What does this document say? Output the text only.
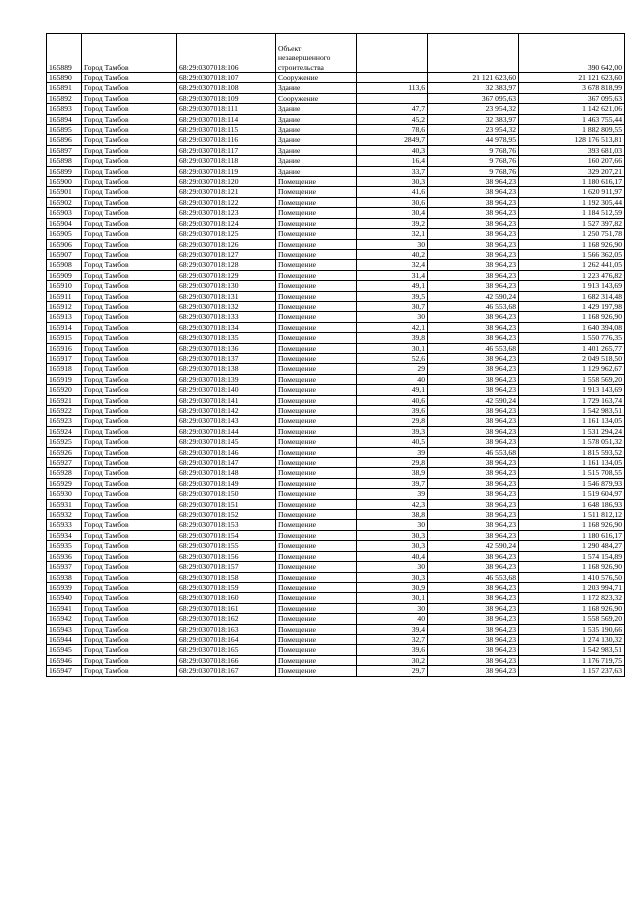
165889	Город Тамбов	68:29:0307018:106	Объект незавершенного строительства			390 642,00
165890	Город Тамбов	68:29:0307018:107	Сооружение		21 121 623,60	21 121 623,60
165891	Город Тамбов	68:29:0307018:108	Здание	113,6	32 383,97	3 678 818,99
165892	Город Тамбов	68:29:0307018:109	Сооружение		367 095,63	367 095,63
165893	Город Тамбов	68:29:0307018:111	Здание	47,7	23 954,32	1 142 621,06
165894	Город Тамбов	68:29:0307018:114	Здание	45,2	32 383,97	1 463 755,44
165895	Город Тамбов	68:29:0307018:115	Здание	78,6	23 954,32	1 882 809,55
165896	Город Тамбов	68:29:0307018:116	Здание	2849,7	44 978,95	128 176 513,81
165897	Город Тамбов	68:29:0307018:117	Здание	40,3	9 768,76	393 681,03
165898	Город Тамбов	68:29:0307018:118	Здание	16,4	9 768,76	160 207,66
165899	Город Тамбов	68:29:0307018:119	Здание	33,7	9 768,76	329 207,21
165900	Город Тамбов	68:29:0307018:120	Помещение	30,3	38 964,23	1 180 616,17
165901	Город Тамбов	68:29:0307018:121	Помещение	41,6	38 964,23	1 620 911,97
165902	Город Тамбов	68:29:0307018:122	Помещение	30,6	38 964,23	1 192 305,44
165903	Город Тамбов	68:29:0307018:123	Помещение	30,4	38 964,23	1 184 512,59
165904	Город Тамбов	68:29:0307018:124	Помещение	39,2	38 964,23	1 527 397,82
165905	Город Тамбов	68:29:0307018:125	Помещение	32,1	38 964,23	1 250 751,78
165906	Город Тамбов	68:29:0307018:126	Помещение	30	38 964,23	1 168 926,90
165907	Город Тамбов	68:29:0307018:127	Помещение	40,2	38 964,23	1 566 362,05
165908	Город Тамбов	68:29:0307018:128	Помещение	32,4	38 964,23	1 262 441,05
165909	Город Тамбов	68:29:0307018:129	Помещение	31,4	38 964,23	1 223 476,82
165910	Город Тамбов	68:29:0307018:130	Помещение	49,1	38 964,23	1 913 143,69
165911	Город Тамбов	68:29:0307018:131	Помещение	39,5	42 590,24	1 682 314,48
165912	Город Тамбов	68:29:0307018:132	Помещение	30,7	46 553,68	1 429 197,98
165913	Город Тамбов	68:29:0307018:133	Помещение	30	38 964,23	1 168 926,90
165914	Город Тамбов	68:29:0307018:134	Помещение	42,1	38 964,23	1 640 394,08
165915	Город Тамбов	68:29:0307018:135	Помещение	39,8	38 964,23	1 550 776,35
165916	Город Тамбов	68:29:0307018:136	Помещение	30,1	46 553,68	1 401 265,77
165917	Город Тамбов	68:29:0307018:137	Помещение	52,6	38 964,23	2 049 518,50
165918	Город Тамбов	68:29:0307018:138	Помещение	29	38 964,23	1 129 962,67
165919	Город Тамбов	68:29:0307018:139	Помещение	40	38 964,23	1 558 569,20
165920	Город Тамбов	68:29:0307018:140	Помещение	49,1	38 964,23	1 913 143,69
165921	Город Тамбов	68:29:0307018:141	Помещение	40,6	42 590,24	1 729 163,74
165922	Город Тамбов	68:29:0307018:142	Помещение	39,6	38 964,23	1 542 983,51
165923	Город Тамбов	68:29:0307018:143	Помещение	29,8	38 964,23	1 161 134,05
165924	Город Тамбов	68:29:0307018:144	Помещение	39,3	38 964,23	1 531 294,24
165925	Город Тамбов	68:29:0307018:145	Помещение	40,5	38 964,23	1 578 051,32
165926	Город Тамбов	68:29:0307018:146	Помещение	39	46 553,68	1 815 593,52
165927	Город Тамбов	68:29:0307018:147	Помещение	29,8	38 964,23	1 161 134,05
165928	Город Тамбов	68:29:0307018:148	Помещение	38,9	38 964,23	1 515 708,55
165929	Город Тамбов	68:29:0307018:149	Помещение	39,7	38 964,23	1 546 879,93
165930	Город Тамбов	68:29:0307018:150	Помещение	39	38 964,23	1 519 604,97
165931	Город Тамбов	68:29:0307018:151	Помещение	42,3	38 964,23	1 648 186,93
165932	Город Тамбов	68:29:0307018:152	Помещение	38,8	38 964,23	1 511 812,12
165933	Город Тамбов	68:29:0307018:153	Помещение	30	38 964,23	1 168 926,90
165934	Город Тамбов	68:29:0307018:154	Помещение	30,3	38 964,23	1 180 616,17
165935	Город Тамбов	68:29:0307018:155	Помещение	30,3	42 590,24	1 290 484,27
165936	Город Тамбов	68:29:0307018:156	Помещение	40,4	38 964,23	1 574 154,89
165937	Город Тамбов	68:29:0307018:157	Помещение	30	38 964,23	1 168 926,90
165938	Город Тамбов	68:29:0307018:158	Помещение	30,3	46 553,68	1 410 576,50
165939	Город Тамбов	68:29:0307018:159	Помещение	30,9	38 964,23	1 203 994,71
165940	Город Тамбов	68:29:0307018:160	Помещение	30,1	38 964,23	1 172 823,32
165941	Город Тамбов	68:29:0307018:161	Помещение	30	38 964,23	1 168 926,90
165942	Город Тамбов	68:29:0307018:162	Помещение	40	38 964,23	1 558 569,20
165943	Город Тамбов	68:29:0307018:163	Помещение	39,4	38 964,23	1 535 190,66
165944	Город Тамбов	68:29:0307018:164	Помещение	32,7	38 964,23	1 274 130,32
165945	Город Тамбов	68:29:0307018:165	Помещение	39,6	38 964,23	1 542 983,51
165946	Город Тамбов	68:29:0307018:166	Помещение	30,2	38 964,23	1 176 719,75
165947	Город Тамбов	68:29:0307018:167	Помещение	29,7	38 964,23	1 157 237,63
